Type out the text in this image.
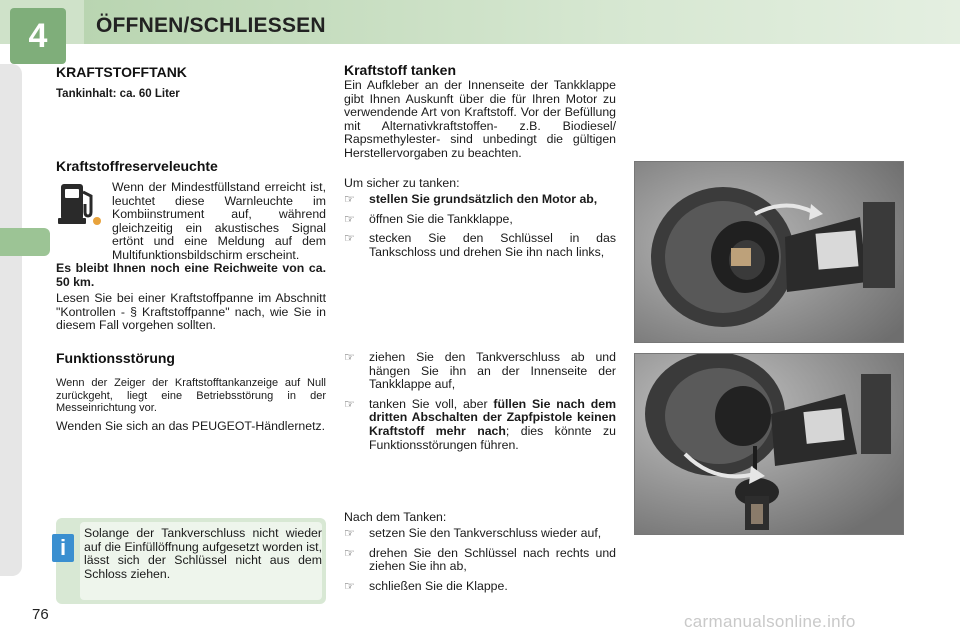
4 ÖFFNEN/SCHLIESSEN
KRAFTSTOFFTANK
Tankinhalt: ca. 60 Liter
Kraftstoffreserveleuchte
Wenn der Mindestfüllstand erreicht ist, leuchtet diese Warnleuchte im Kombiinstrument auf, während gleichzeitig ein akustisches Signal ertönt und eine Meldung auf dem Multifunktionsbildschirm erscheint.
Es bleibt Ihnen noch eine Reichweite von ca. 50 km.
Lesen Sie bei einer Kraftstoffpanne im Abschnitt "Kontrollen - § Kraftstoffpanne" nach, wie Sie in diesem Fall vorgehen sollten.
Funktionsstörung
Wenn der Zeiger der Kraftstofftankanzeige auf Null zurückgeht, liegt eine Betriebsstörung in der Messeinrichtung vor.
Wenden Sie sich an das PEUGEOT-Händlernetz.
i
Solange der Tankverschluss nicht wieder auf die Einfüllöffnung aufgesetzt worden ist, lässt sich der Schlüssel nicht aus dem Schloss ziehen.
Kraftstoff tanken
Ein Aufkleber an der Innenseite der Tankklappe gibt Ihnen Auskunft über die für Ihren Motor zu verwendende Art von Kraftstoff. Vor der Befüllung mit Alternativkraftstoffen- z.B. Biodiesel/ Rapsmethylester- sind unbedingt die gültigen Herstellervorgaben zu beachten.
Um sicher zu tanken:
☞ stellen Sie grundsätzlich den Motor ab,
☞ öffnen Sie die Tankklappe,
☞ stecken Sie den Schlüssel in das Tankschloss und drehen Sie ihn nach links,
☞ ziehen Sie den Tankverschluss ab und hängen Sie ihn an der Innenseite der Tankklappe auf,
☞ tanken Sie voll, aber füllen Sie nach dem dritten Abschalten der Zapfpistole keinen Kraftstoff mehr nach; dies könnte zu Funktionsstörungen führen.
Nach dem Tanken:
☞ setzen Sie den Tankverschluss wieder auf,
☞ drehen Sie den Schlüssel nach rechts und ziehen Sie ihn ab,
☞ schließen Sie die Klappe.
76	carmanualsonline.info
